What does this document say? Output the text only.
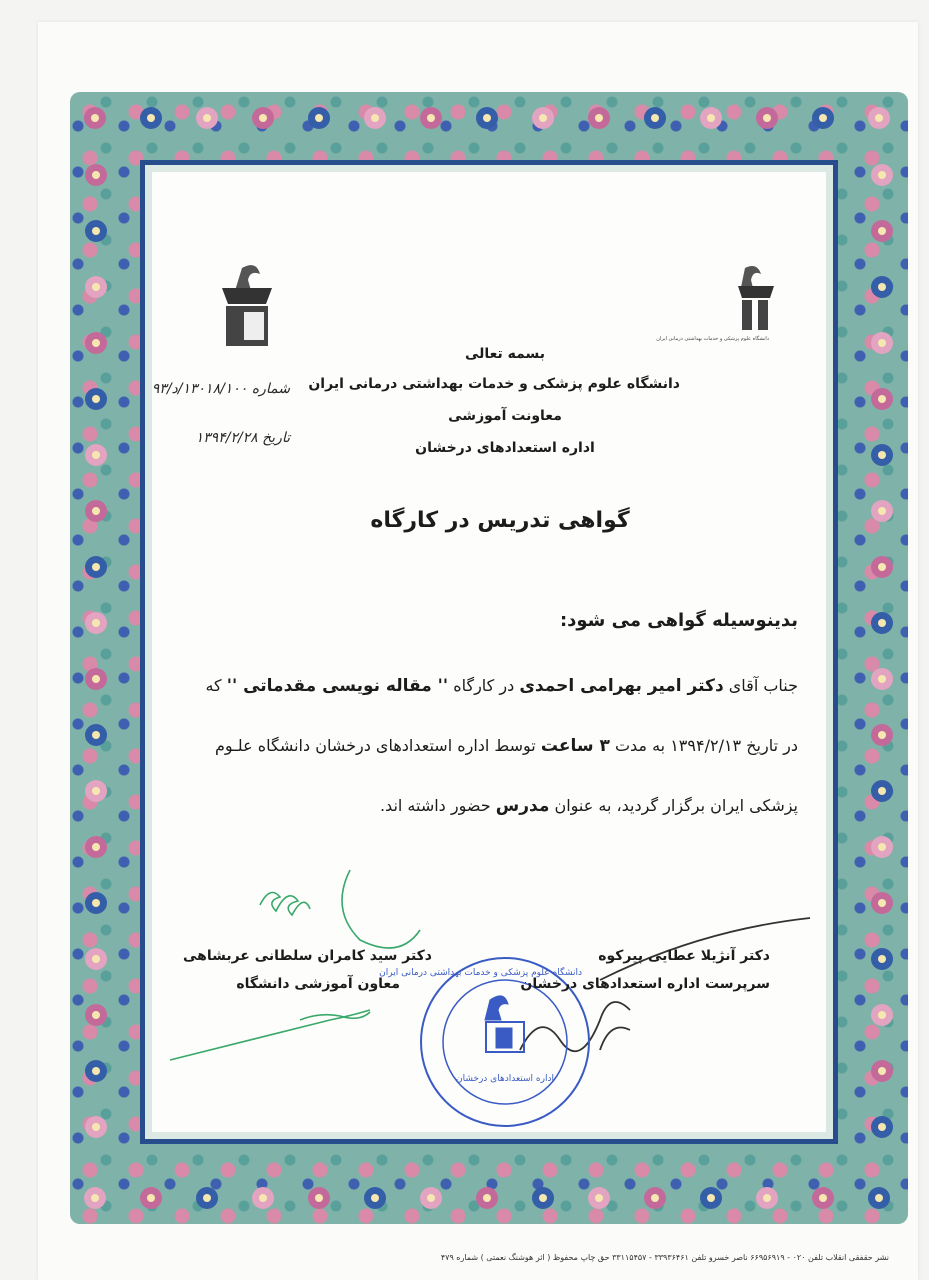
دانشگاه علوم پزشکی و خدمات بهداشتی درمانی ایران
بسمه تعالی
دانشگاه علوم پزشکی و خدمات بهداشتی درمانی ایران
معاونت آموزشی
اداره استعدادهای درخشان
شماره ۱۳۰۱۸/۱۰۰/د/۹۳
تاریخ ۱۳۹۴/۲/۲۸
گواهی تدریس در کارگاه
بدینوسیله گواهی می شود:
جناب آقای دکتر امیر بهرامی احمدی در کارگاه '' مقاله نویسی مقدماتی '' که
در تاریخ ۱۳۹۴/۲/۱۳ به مدت ۳ ساعت توسط اداره استعدادهای درخشان دانشگاه علـوم
پزشکی ایران برگزار گردید، به عنوان مدرس حضور داشته اند.
دکتر آنژیلا عطایی پیرکوه
سرپرست اداره استعدادهای درخشان
دکتر سید کامران سلطانی عربشاهی
معاون آموزشی دانشگاه
دانشگاه علوم پزشکی و خدمات بهداشتی درمانی ایران
اداره استعدادهای درخشان
نشر حقفقی انقلاب تلفن ۰۲۰ - ۶۶۹۵۶۹۱۹ ناصر خسرو تلفن ۳۳۹۳۶۴۶۱ - ۳۳۱۱۵۴۵۷ حق چاپ محفوظ ( اثر هوشنگ نعمتی ) شماره ۴۷۹
